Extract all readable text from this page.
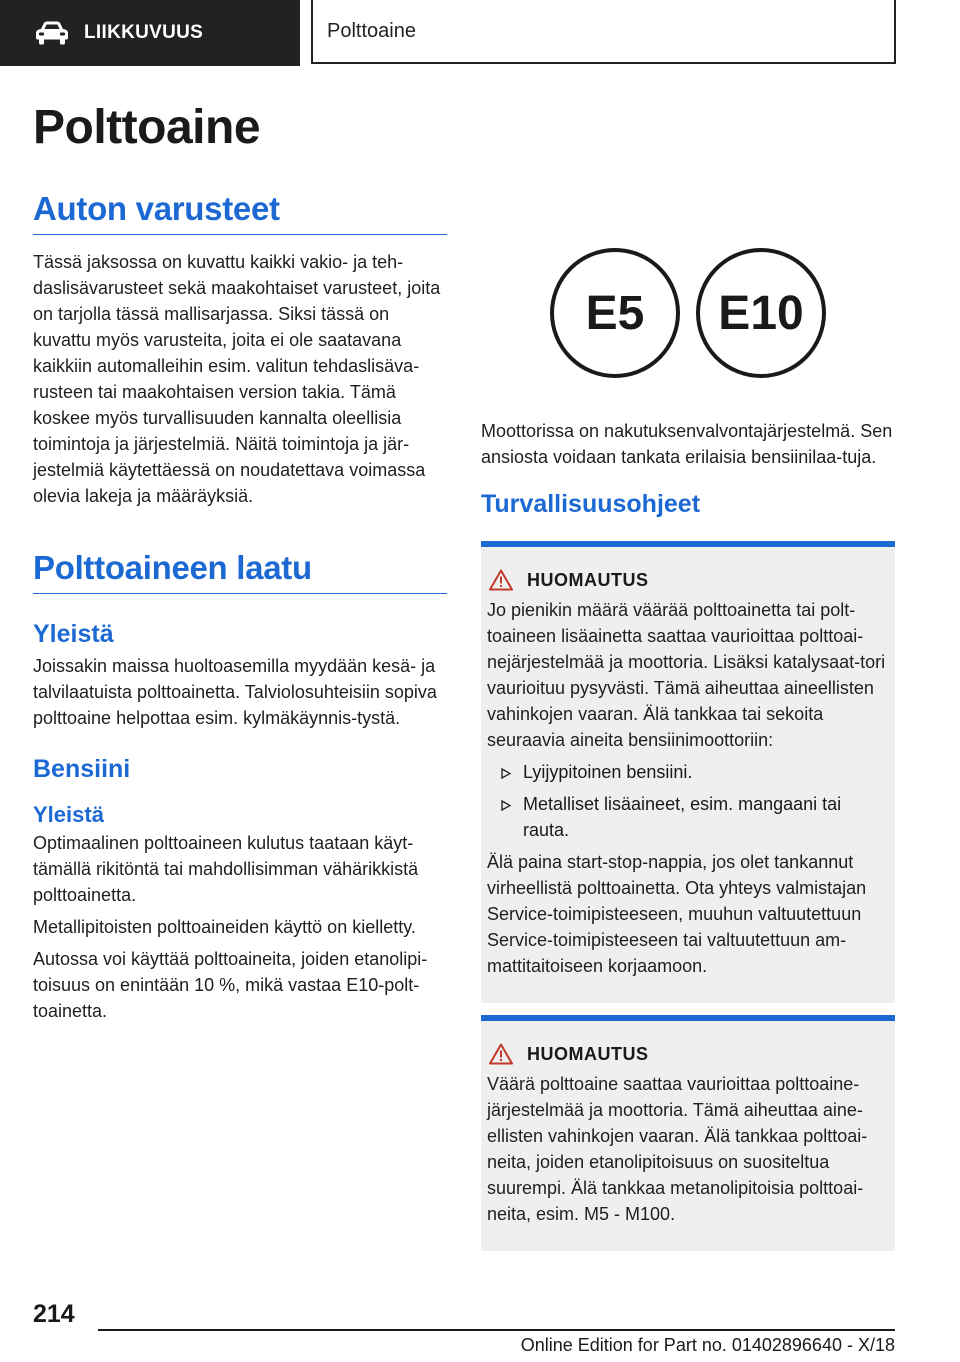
LIIKKUVUUS	Polttoaine
Polttoaine
Auton varusteet

Tässä jaksossa on kuvattu kaikki vakio- ja teh-daslisävarusteet sekä maakohtaiset varusteet, joita on tarjolla tässä mallisarjassa. Siksi tässä on kuvattu myös varusteita, joita ei ole saatavana kaikkiin automalleihin esim. valitun tehdaslisäva-rusteen tai maakohtaisen version takia. Tämä koskee myös turvallisuuden kannalta oleellisia toimintoja ja järjestelmiä. Näitä toimintoja ja jär-jestelmiä käytettäessä on noudatettava voimassa olevia lakeja ja määräyksiä.

Polttoaineen laatu
Yleistä

Joissakin maissa huoltoasemilla myydään kesä- ja talvilaatuista polttoainetta. Talviolosuhteisiin sopiva polttoaine helpottaa esim. kylmäkäynnis-tystä.

Bensiini
Yleistä

Optimaalinen polttoaineen kulutus taataan käyt-tämällä rikitöntä tai mahdollisimman vähärikkistä polttoainetta.

Metallipitoisten polttoaineiden käyttö on kielletty.

Autossa voi käyttää polttoaineita, joiden etanolipi-toisuus on enintään 10 %, mikä vastaa E10-polt-toainetta.

E5	E10

Moottorissa on nakutuksenvalvontajärjestelmä. Sen ansiosta voidaan tankata erilaisia bensiinilaa-tuja.

Turvallisuusohjeet
HUOMAUTUS

Jo pienikin määrä väärää polttoainetta tai polt-toaineen lisäainetta saattaa vaurioittaa polttoai-nejärjestelmää ja moottoria. Lisäksi katalysaat-tori vaurioituu pysyvästi. Tämä aiheuttaa aineellisten vahinkojen vaaran. Älä tankkaa tai sekoita seuraavia aineita bensiinimoottoriin:

Lyijypitoinen bensiini.
Metalliset lisäaineet, esim. mangaani tai rauta.

Älä paina start-stop-nappia, jos olet tankannut virheellistä polttoainetta. Ota yhteys valmistajan Service-toimipisteeseen, muuhun valtuutettuun Service-toimipisteeseen tai valtuutettuun am-mattitaitoiseen korjaamoon.

HUOMAUTUS

Väärä polttoaine saattaa vaurioittaa polttoaine-järjestelmää ja moottoria. Tämä aiheuttaa aine-ellisten vahinkojen vaaran. Älä tankkaa polttoai-neita, joiden etanolipitoisuus on suositeltua suurempi. Älä tankkaa metanolipitoisia polttoai-neita, esim. M5 - M100.

214
Online Edition for Part no. 01402896640 - X/18
